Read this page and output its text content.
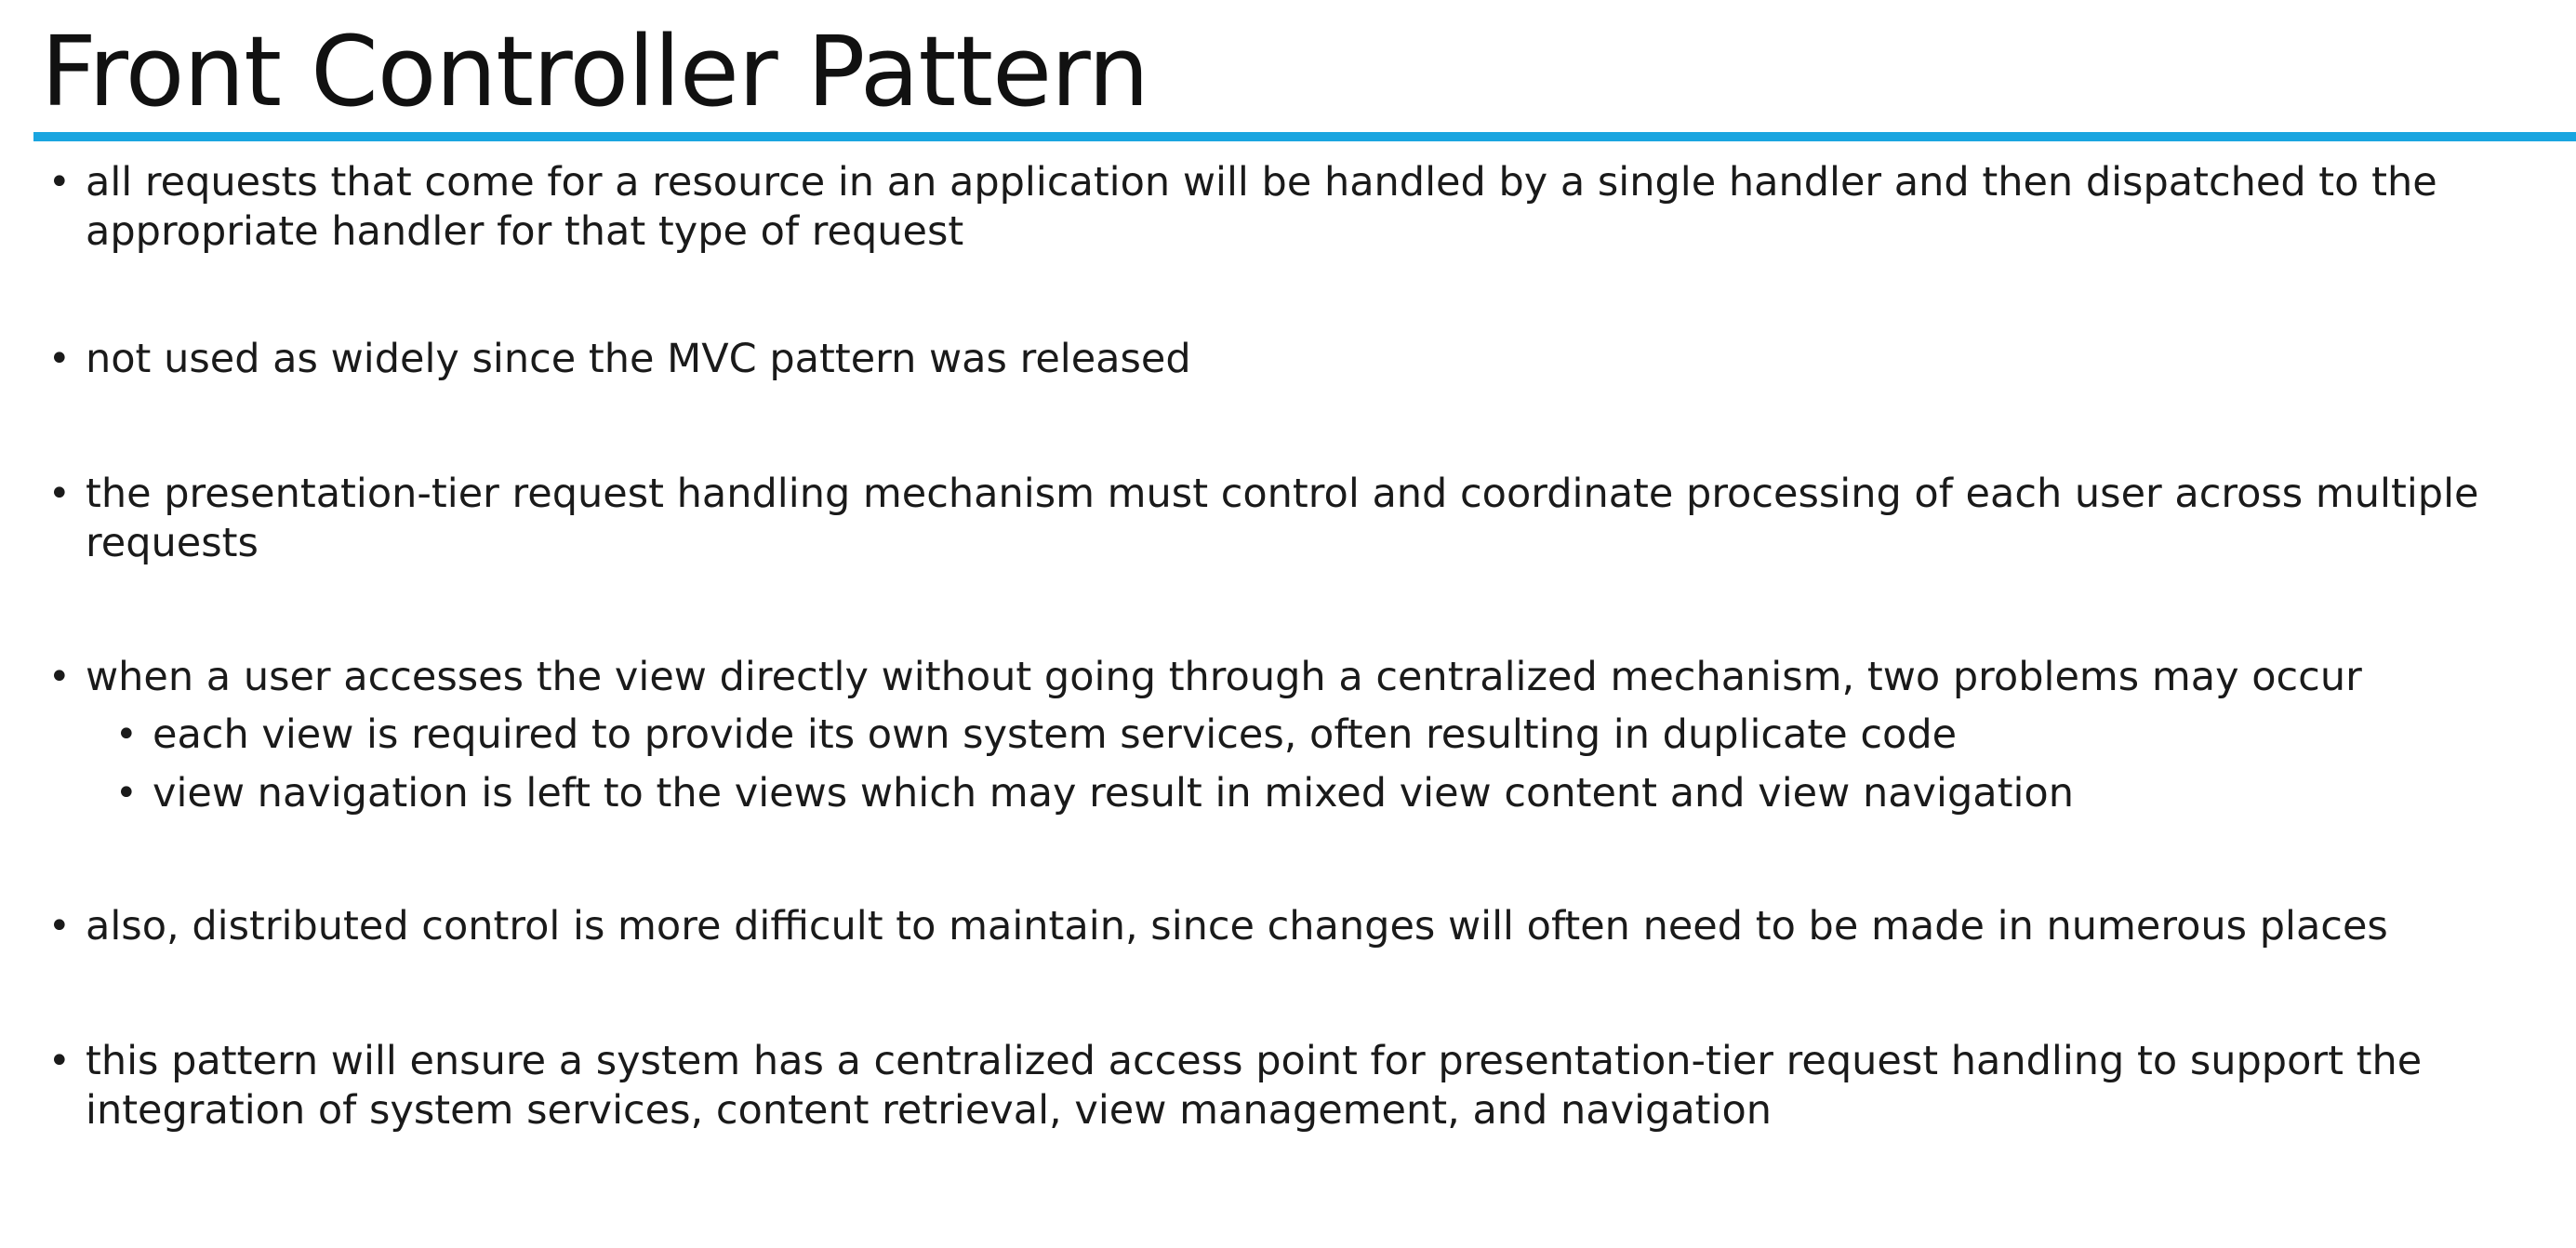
Front Controller Pattern
• all requests that come for a resource in an application will be handled by a single handler and then dispatched to the appropriate handler for that type of request
• not used as widely since the MVC pattern was released
• the presentation-tier request handling mechanism must control and coordinate processing of each user across multiple requests
• when a user accesses the view directly without going through a centralized mechanism, two problems may occur
• each view is required to provide its own system services, often resulting in duplicate code
• view navigation is left to the views which may result in mixed view content and view navigation
• also, distributed control is more difficult to maintain, since changes will often need to be made in numerous places
• this pattern will ensure a system has a centralized access point for presentation-tier request handling to support the integration of system services, content retrieval, view management, and navigation
